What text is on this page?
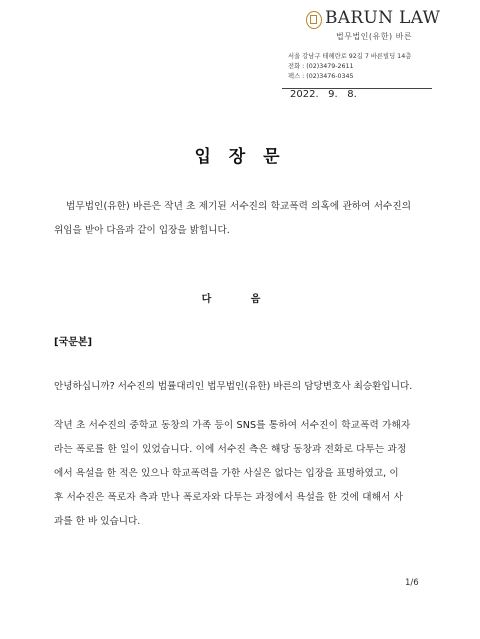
BARUN LAW
법무법인(유한) 바른
서울 강남구 테헤란로 92길 7 바른빌딩 14층
전화 : (02)3479-2611
팩스 : (02)3476-0345
2022.   9.   8.
입 장 문
법무법인(유한) 바른은 작년 초 제기된 서수진의 학교폭력 의혹에 관하여 서수진의
위임을 받아 다음과 같이 입장을 밝힙니다.
다 음
[국문본]
안녕하십니까? 서수진의 법률대리인 법무법인(유한) 바른의 담당변호사 최승환입니다.
작년 초 서수진의 중학교 동창의 가족 등이 SNS를 통하여 서수진이 학교폭력 가해자
라는 폭로를 한 일이 있었습니다. 이에 서수진 측은 해당 동창과 전화로 다투는 과정
에서 욕설을 한 적은 있으나 학교폭력을 가한 사실은 없다는 입장을 표명하였고, 이
후 서수진은 폭로자 측과 만나 폭로자와 다투는 과정에서 욕설을 한 것에 대해서 사
과를 한 바 있습니다.
1/6
